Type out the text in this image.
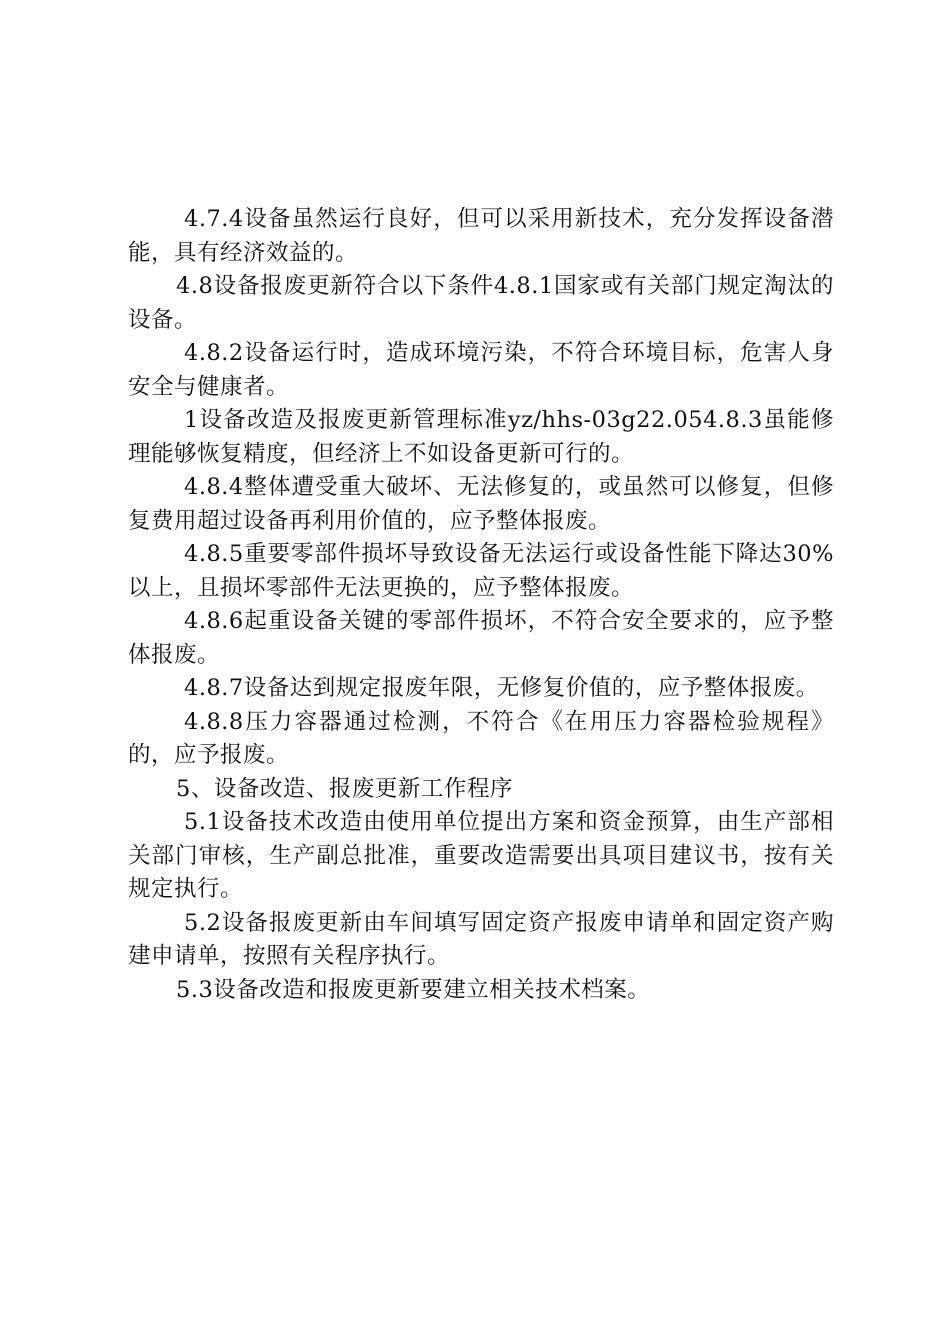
4.7.4设备虽然运行良好，但可以采用新技术，充分发挥设备潜能，具有经济效益的。

4.8设备报废更新符合以下条件4.8.1国家或有关部门规定淘汰的设备。

4.8.2设备运行时，造成环境污染，不符合环境目标，危害人身安全与健康者。

1设备改造及报废更新管理标准yz/hhs-03g22.054.8.3虽能修理能够恢复精度，但经济上不如设备更新可行的。

4.8.4整体遭受重大破坏、无法修复的，或虽然可以修复，但修复费用超过设备再利用价值的，应予整体报废。

4.8.5重要零部件损坏导致设备无法运行或设备性能下降达30%以上，且损坏零部件无法更换的，应予整体报废。

4.8.6起重设备关键的零部件损坏，不符合安全要求的，应予整体报废。

4.8.7设备达到规定报废年限，无修复价值的，应予整体报废。

4.8.8压力容器通过检测，不符合《在用压力容器检验规程》的，应予报废。

5、设备改造、报废更新工作程序

5.1设备技术改造由使用单位提出方案和资金预算，由生产部相关部门审核，生产副总批准，重要改造需要出具项目建议书，按有关规定执行。

5.2设备报废更新由车间填写固定资产报废申请单和固定资产购建申请单，按照有关程序执行。

5.3设备改造和报废更新要建立相关技术档案。
